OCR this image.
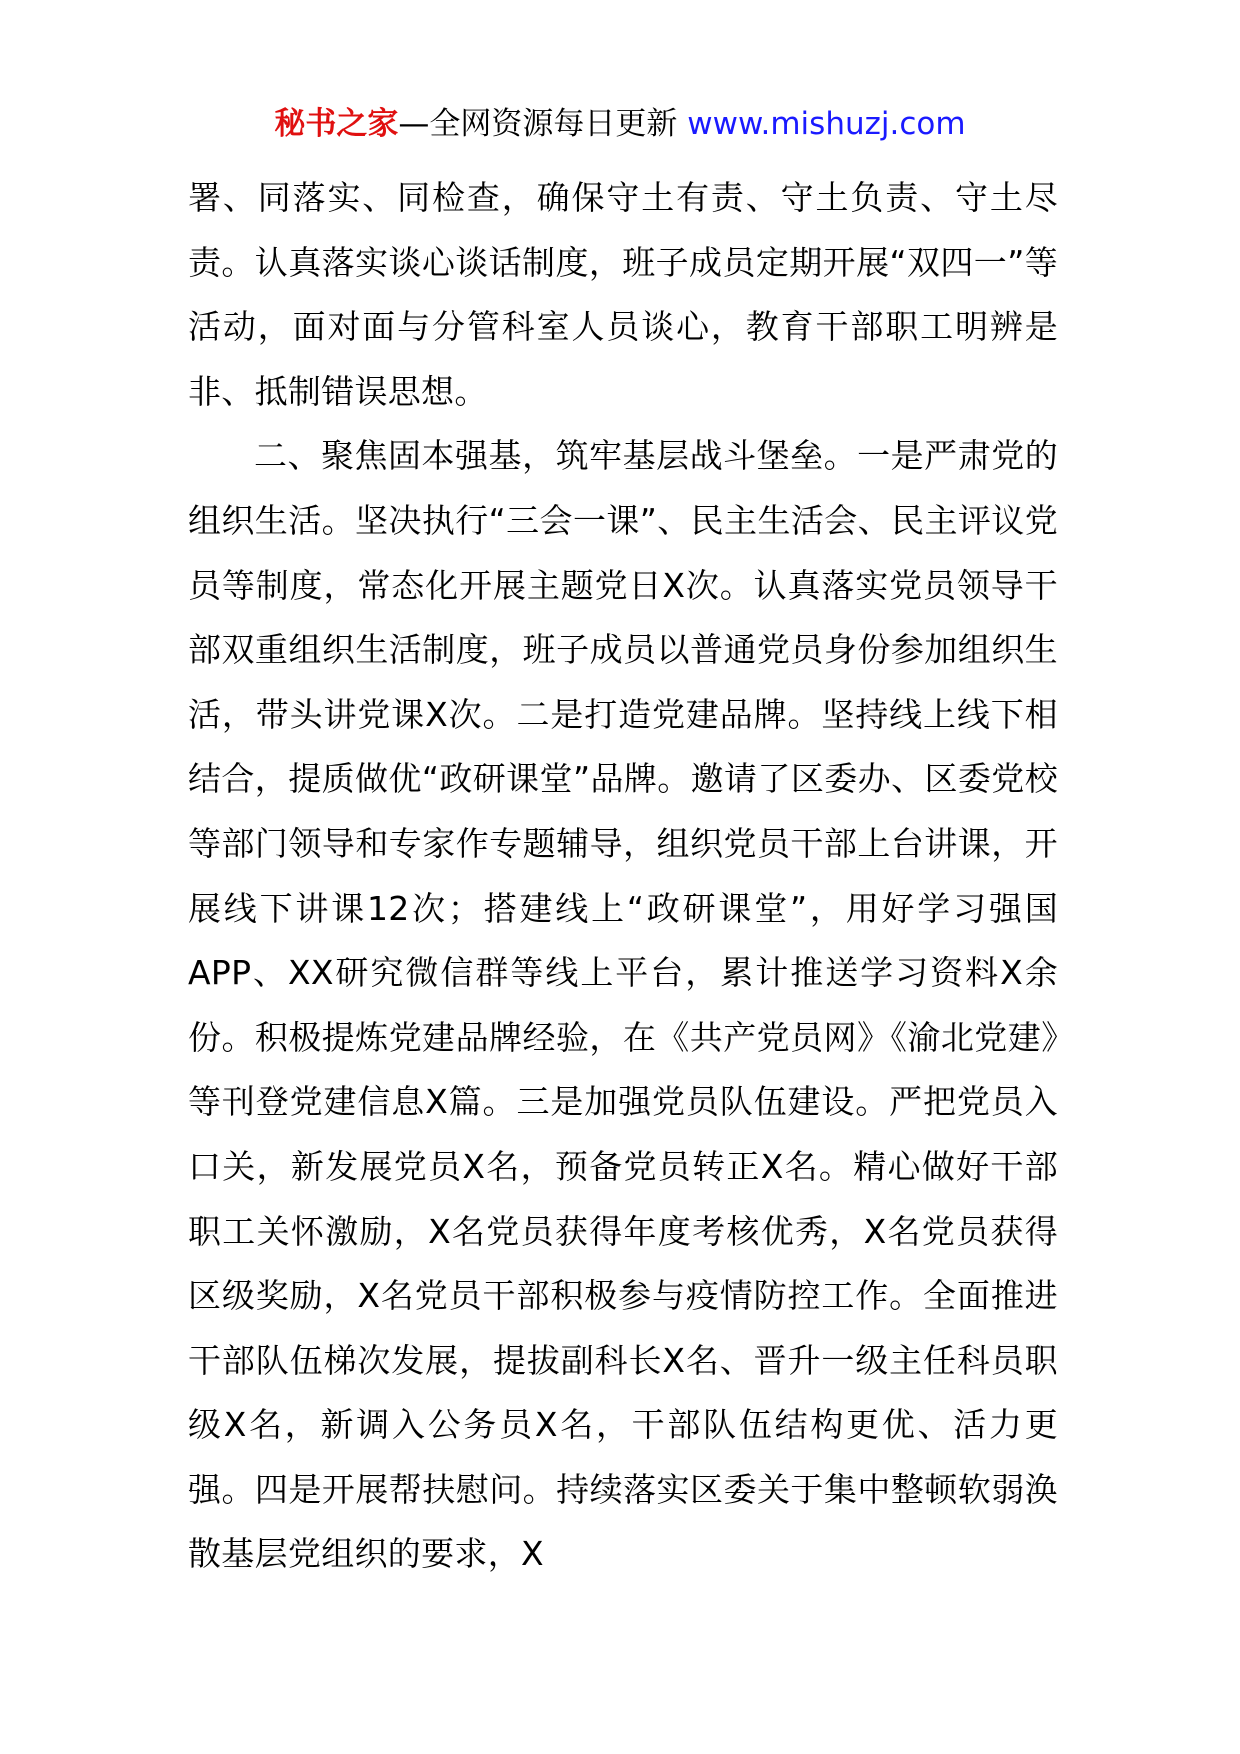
秘书之家—全网资源每日更新 www.mishuzj.com

署、同落实、同检查，确保守土有责、守土负责、守土尽责。认真落实谈心谈话制度，班子成员定期开展“双四一”等活动，面对面与分管科室人员谈心，教育干部职工明辨是非、抵制错误思想。

二、聚焦固本强基，筑牢基层战斗堡垒。一是严肃党的组织生活。坚决执行“三会一课”、民主生活会、民主评议党员等制度，常态化开展主题党日X次。认真落实党员领导干部双重组织生活制度，班子成员以普通党员身份参加组织生活，带头讲党课X次。二是打造党建品牌。坚持线上线下相结合，提质做优“政研课堂”品牌。邀请了区委办、区委党校等部门领导和专家作专题辅导，组织党员干部上台讲课，开展线下讲课12次；搭建线上“政研课堂”，用好学习强国APP、XX研究微信群等线上平台，累计推送学习资料X余份。积极提炼党建品牌经验，在《共产党员网》《渝北党建》等刊登党建信息X篇。三是加强党员队伍建设。严把党员入口关，新发展党员X名，预备党员转正X名。精心做好干部职工关怀激励，X名党员获得年度考核优秀，X名党员获得区级奖励，X名党员干部积极参与疫情防控工作。全面推进干部队伍梯次发展，提拔副科长X名、晋升一级主任科员职级X名，新调入公务员X名，干部队伍结构更优、活力更强。四是开展帮扶慰问。持续落实区委关于集中整顿软弱涣散基层党组织的要求，X
